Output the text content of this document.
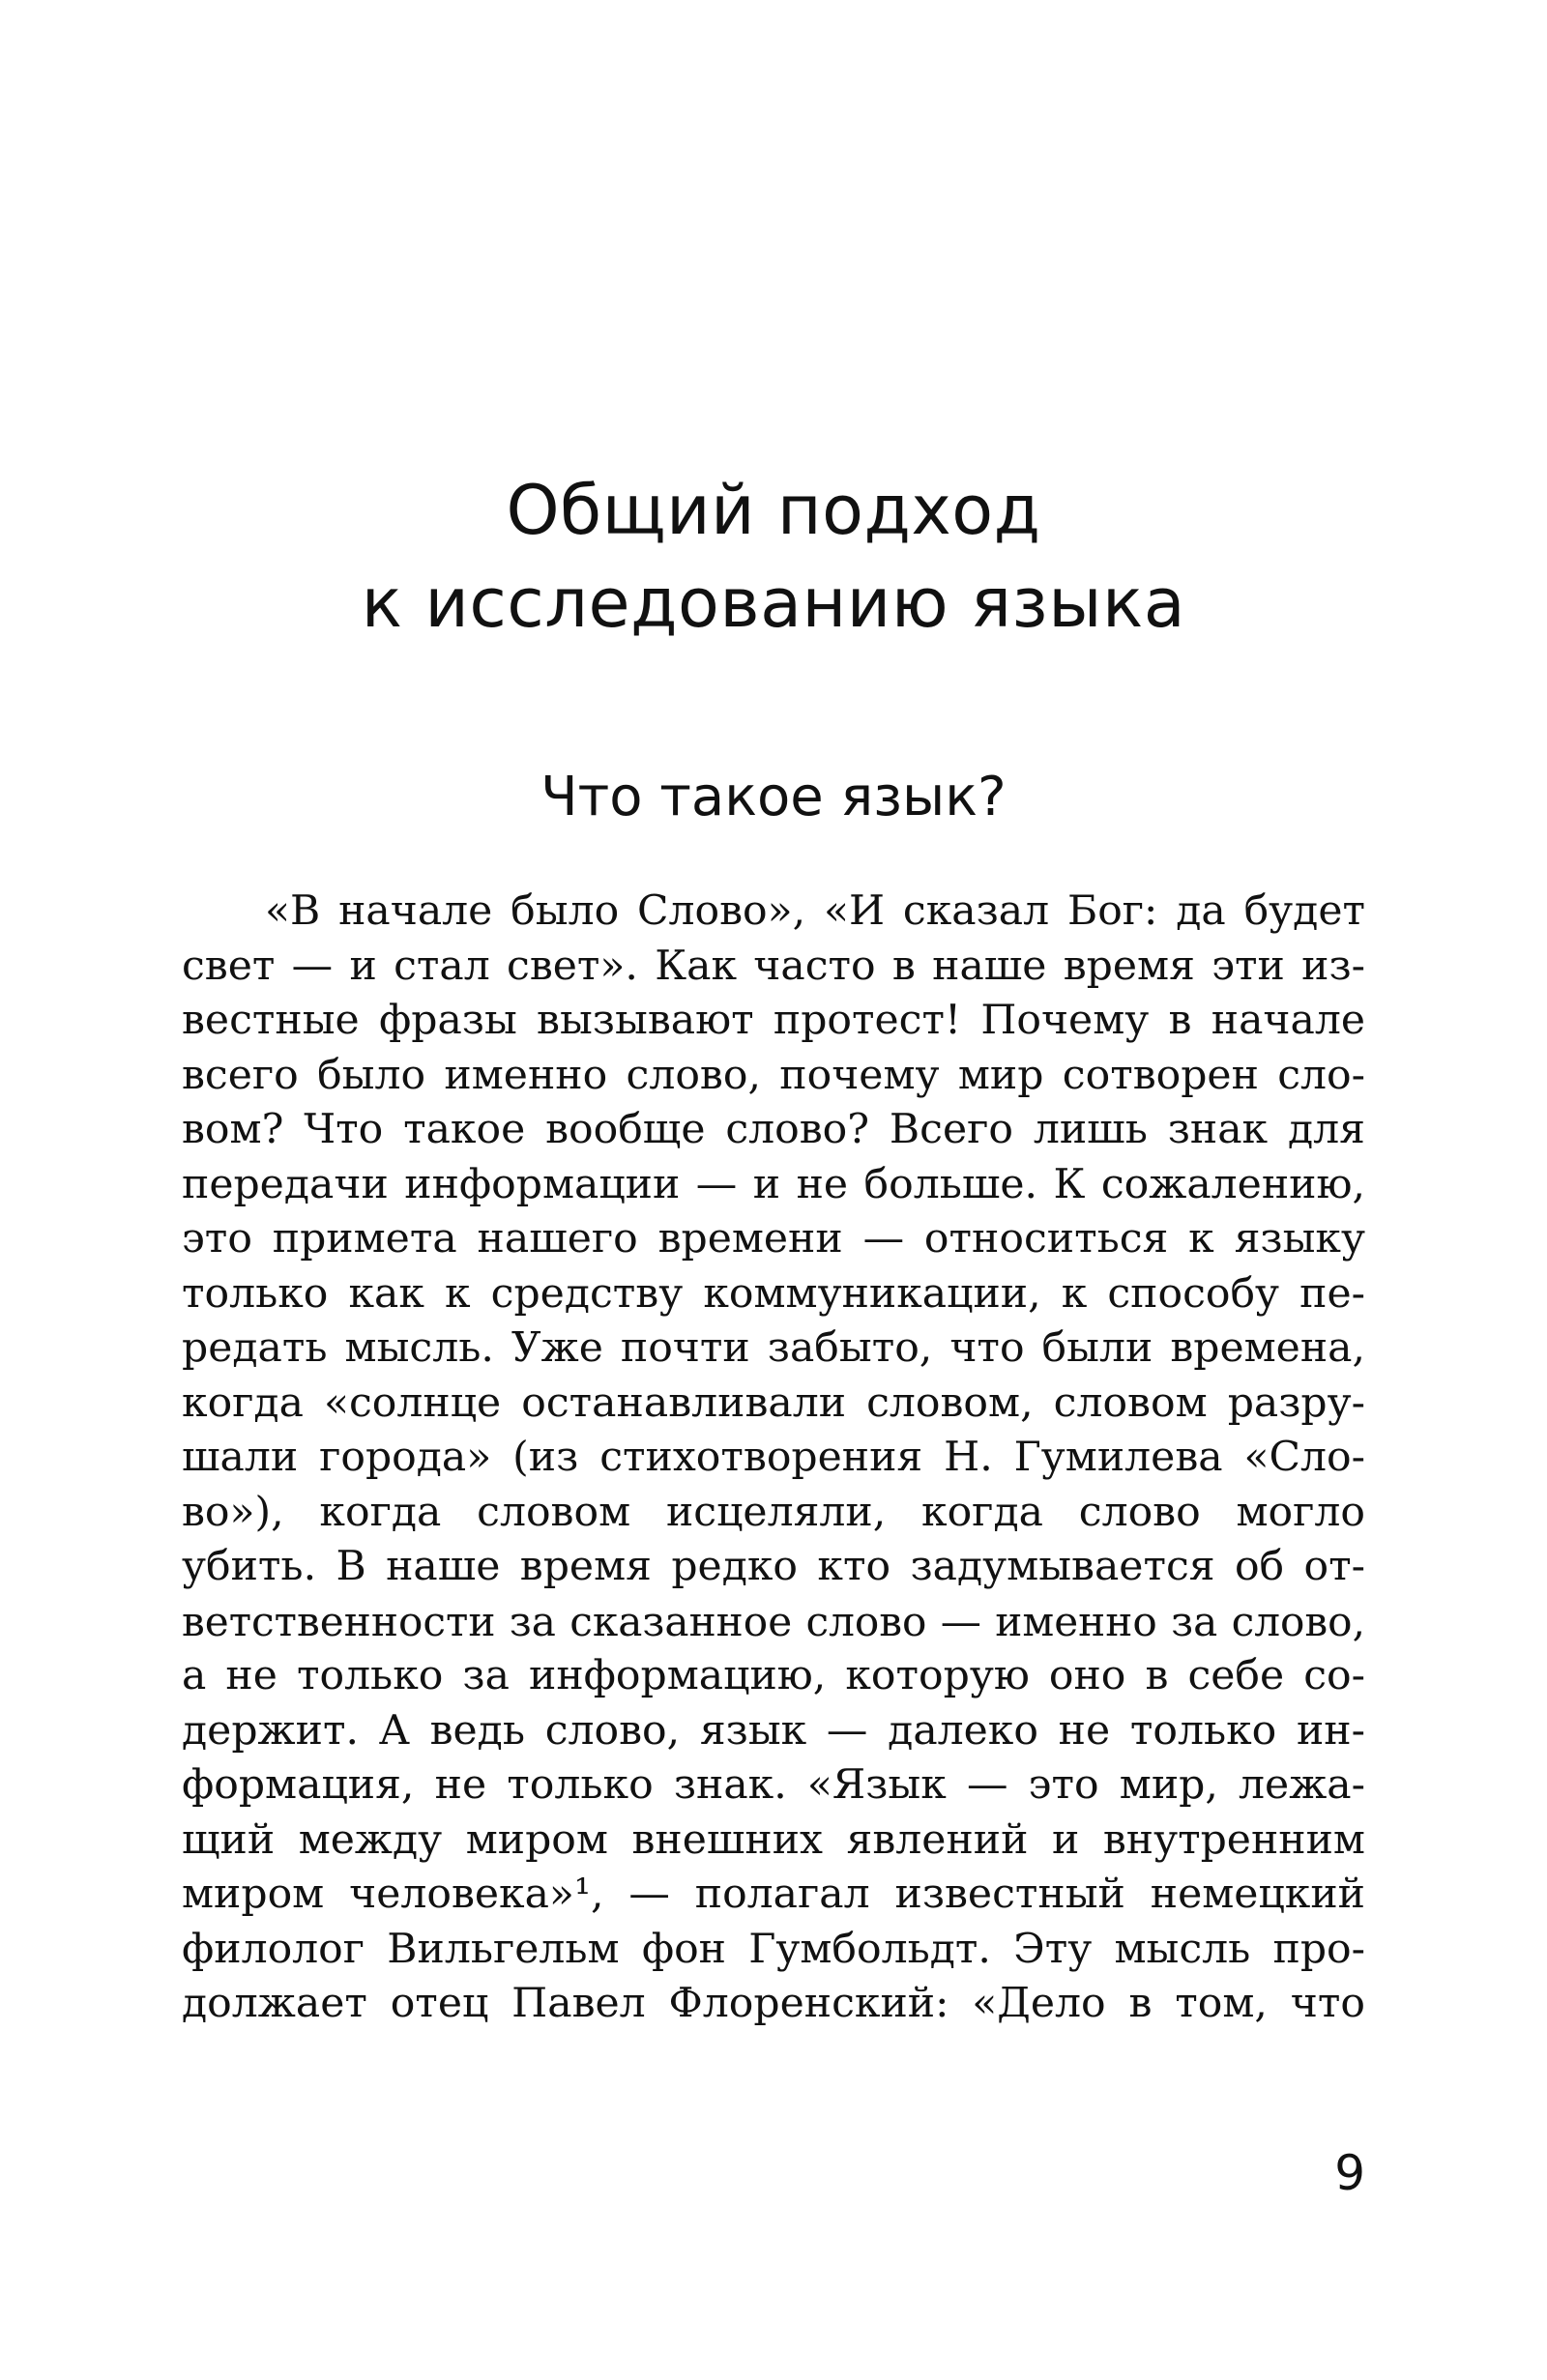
Общий подход
к исследованию языка
Что такое язык?
«В начале было Слово», «И сказал Бог: да будет
свет — и стал свет». Как часто в наше время эти из-
вестные фразы вызывают протест! Почему в начале
всего было именно слово, почему мир сотворен сло-
вом? Что такое вообще слово? Всего лишь знак для
передачи информации — и не больше. К сожалению,
это примета нашего времени — относиться к языку
только как к средству коммуникации, к способу пе-
редать мысль. Уже почти забыто, что были времена,
когда «солнце останавливали словом, словом разру-
шали города» (из стихотворения Н. Гумилева «Сло-
во»), когда словом исцеляли, когда слово могло
убить. В наше время редко кто задумывается об от-
ветственности за сказанное слово — именно за слово,
а не только за информацию, которую оно в себе со-
держит. А ведь слово, язык — далеко не только ин-
формация, не только знак. «Язык — это мир, лежа-
щий между миром внешних явлений и внутренним
миром человека»¹, — полагал известный немецкий
филолог Вильгельм фон Гумбольдт. Эту мысль про-
должает отец Павел Флоренский: «Дело в том, что
9
